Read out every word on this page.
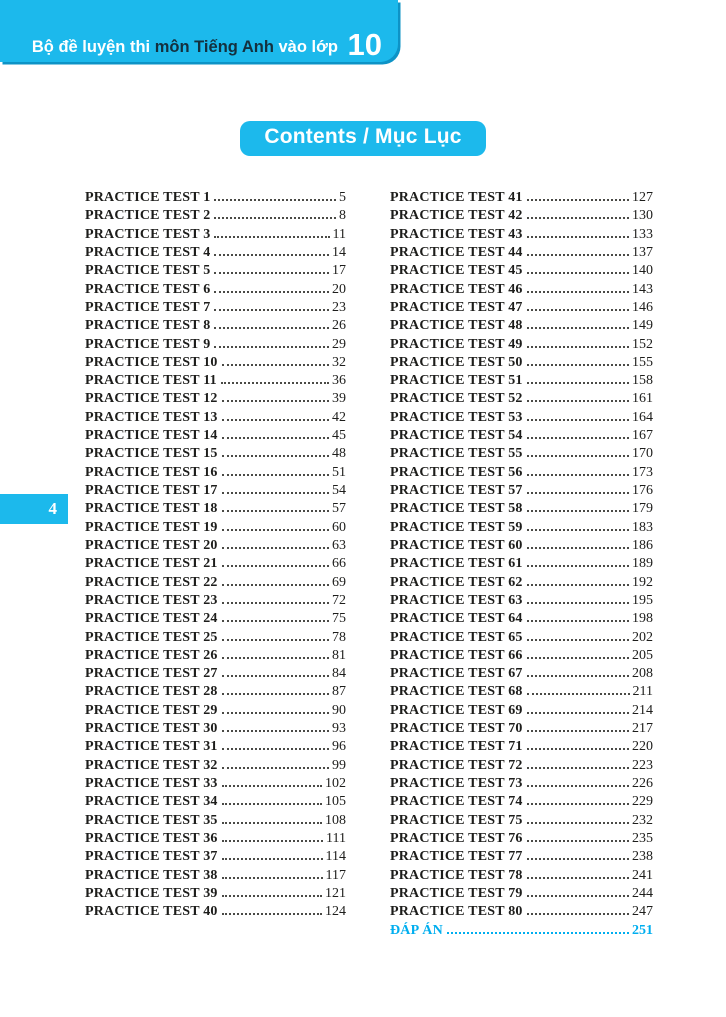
Bộ đề luyện thi môn Tiếng Anh vào lớp 10
Contents / Mục Lục
PRACTICE TEST 1	5
PRACTICE TEST 2	8
PRACTICE TEST 3	11
PRACTICE TEST 4	14
PRACTICE TEST 5	17
PRACTICE TEST 6	20
PRACTICE TEST 7	23
PRACTICE TEST 8	26
PRACTICE TEST 9	29
PRACTICE TEST 10	32
PRACTICE TEST 11	36
PRACTICE TEST 12	39
PRACTICE TEST 13	42
PRACTICE TEST 14	45
PRACTICE TEST 15	48
PRACTICE TEST 16	51
PRACTICE TEST 17	54
PRACTICE TEST 18	57
PRACTICE TEST 19	60
PRACTICE TEST 20	63
PRACTICE TEST 21	66
PRACTICE TEST 22	69
PRACTICE TEST 23	72
PRACTICE TEST 24	75
PRACTICE TEST 25	78
PRACTICE TEST 26	81
PRACTICE TEST 27	84
PRACTICE TEST 28	87
PRACTICE TEST 29	90
PRACTICE TEST 30	93
PRACTICE TEST 31	96
PRACTICE TEST 32	99
PRACTICE TEST 33	102
PRACTICE TEST 34	105
PRACTICE TEST 35	108
PRACTICE TEST 36	111
PRACTICE TEST 37	114
PRACTICE TEST 38	117
PRACTICE TEST 39	121
PRACTICE TEST 40	124
PRACTICE TEST 41	127
PRACTICE TEST 42	130
PRACTICE TEST 43	133
PRACTICE TEST 44	137
PRACTICE TEST 45	140
PRACTICE TEST 46	143
PRACTICE TEST 47	146
PRACTICE TEST 48	149
PRACTICE TEST 49	152
PRACTICE TEST 50	155
PRACTICE TEST 51	158
PRACTICE TEST 52	161
PRACTICE TEST 53	164
PRACTICE TEST 54	167
PRACTICE TEST 55	170
PRACTICE TEST 56	173
PRACTICE TEST 57	176
PRACTICE TEST 58	179
PRACTICE TEST 59	183
PRACTICE TEST 60	186
PRACTICE TEST 61	189
PRACTICE TEST 62	192
PRACTICE TEST 63	195
PRACTICE TEST 64	198
PRACTICE TEST 65	202
PRACTICE TEST 66	205
PRACTICE TEST 67	208
PRACTICE TEST 68	211
PRACTICE TEST 69	214
PRACTICE TEST 70	217
PRACTICE TEST 71	220
PRACTICE TEST 72	223
PRACTICE TEST 73	226
PRACTICE TEST 74	229
PRACTICE TEST 75	232
PRACTICE TEST 76	235
PRACTICE TEST 77	238
PRACTICE TEST 78	241
PRACTICE TEST 79	244
PRACTICE TEST 80	247
ĐÁP ÁN	251
4
